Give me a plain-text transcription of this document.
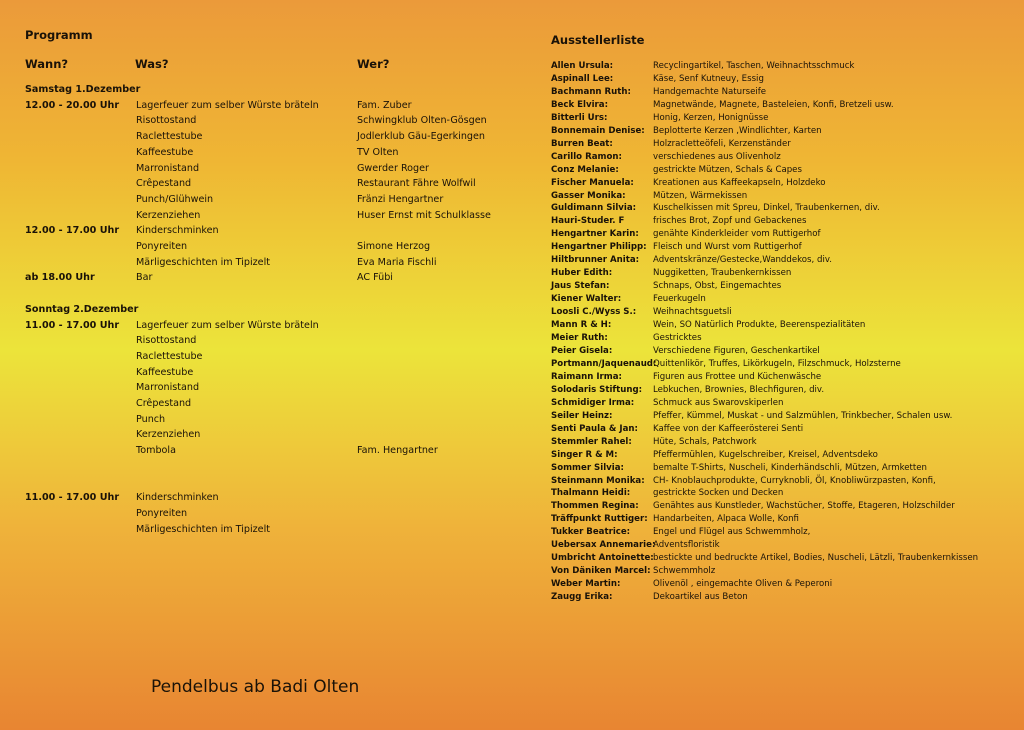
Programm
Wann?	Was?	Wer?
Samstag 1.Dezember
12.00 - 20.00 Uhr

12.00 - 17.00 Uhr

ab 18.00 Uhr

Sonntag 2.Dezember
11.00 - 17.00 Uhr

11.00 - 17.00 Uhr

Lagerfeuer zum selber Würste bräteln
Risottostand
Raclettestube
Kaffeestube
Marronistand
Crêpestand
Punch/Glühwein
Kerzenziehen
Kinderschminken
Ponyreiten
Märligeschichten im Tipizelt
Bar

Lagerfeuer zum selber Würste bräteln
Risottostand
Raclettestube
Kaffeestube
Marronistand
Crêpestand
Punch
Kerzenziehen
Tombola

Kinderschminken
Ponyreiten
Märligeschichten im Tipizelt
Fam. Zuber
Schwingklub Olten-Gösgen
Jodlerklub Gäu-Egerkingen
TV Olten
Gwerder Roger
Restaurant Fähre Wolfwil
Fränzi Hengartner
Huser Ernst mit Schulklasse

Simone Herzog
Eva Maria Fischli
AC Fübi

Fam. Hengartner

Pendelbus ab Badi Olten
Ausstellerliste
Allen Ursula:
Aspinall Lee:
Bachmann Ruth:
Beck Elvira:
Bitterli Urs:
Bonnemain Denise:
Burren Beat:
Carillo Ramon:
Conz Melanie:
Fischer Manuela:
Gasser Monika:
Guldimann Silvia:
Hauri-Studer. F
Hengartner Karin:
Hengartner Philipp:
Hiltbrunner Anita:
Huber Edith:
Jaus Stefan:
Kiener Walter:
Loosli C./Wyss S.:
Mann R & H:
Meier Ruth:
Peier Gisela:
Portmann/Jaquenaud:
Raimann Irma:
Solodaris Stiftung:
Schmidiger Irma:
Seiler Heinz:
Senti Paula & Jan:
Stemmler Rahel:
Singer R & M:
Sommer Silvia:
Steinmann Monika:
Thalmann Heidi:
Thommen Regina:
Träffpunkt Ruttiger:
Tukker Beatrice:
Uebersax Annemarie:
Umbricht Antoinette:
Von Däniken Marcel:
Weber Martin:
Zaugg Erika:
Recyclingartikel, Taschen, Weihnachtsschmuck
Käse, Senf Kutneuy, Essig
Handgemachte Naturseife
Magnetwände, Magnete, Basteleien, Konfi, Bretzeli usw.
Honig, Kerzen, Honignüsse
Beplotterte Kerzen ,Windlichter, Karten
Holzraclettеöfeli, Kerzenständer
verschiedenes aus Olivenholz
gestrickte Mützen, Schals & Capes
Kreationen aus Kaffeekapseln, Holzdeko
Mützen, Wärmekissen
Kuschelkissen mit Spreu, Dinkel, Traubenkernen, div.
frisches Brot, Zopf und Gebackenes
genähte Kinderkleider vom Ruttigerhof
Fleisch und Wurst vom Ruttigerhof
Adventskränze/Gestecke,Wanddekos, div.
Nuggiketten, Traubenkernkissen
Schnaps, Obst, Eingemachtes
Feuerkugeln
Weihnachtsguetsli
Wein, SO Natürlich Produkte, Beerenspezialitäten
Gestricktes
Verschiedene Figuren, Geschenkartikel
Quittenlikör, Truffes, Likörkugeln, Filzschmuck, Holzsterne
Figuren aus Frottee und Küchenwäsche
Lebkuchen, Brownies, Blechfiguren, div.
Schmuck aus Swarovskiperlen
Pfeffer, Kümmel, Muskat - und Salzmühlen, Trinkbecher, Schalen usw.
Kaffee von der Kaffeerösterei Senti
Hüte, Schals, Patchwork
Pfeffermühlen, Kugelschreiber, Kreisel, Adventsdeko
bemalte T-Shirts, Nuscheli, Kinderhändschli, Mützen, Armketten
CH- Knoblauchprodukte, Curryknobli, Öl, Knobliwürzpasten, Konfi,
gestrickte Socken und Decken
Genähtes aus Kunstleder, Wachstücher, Stoffe, Etageren, Holzschilder
Handarbeiten, Alpaca Wolle, Konfi
Engel und Flügel aus Schwemmholz,
Adventsfloristik
bestickte und bedruckte Artikel, Bodies, Nuscheli, Lätzli, Traubenkernkissen
Schwemmholz
Olivenöl , eingemachte Oliven & Peperoni
Dekoartikel aus Beton
